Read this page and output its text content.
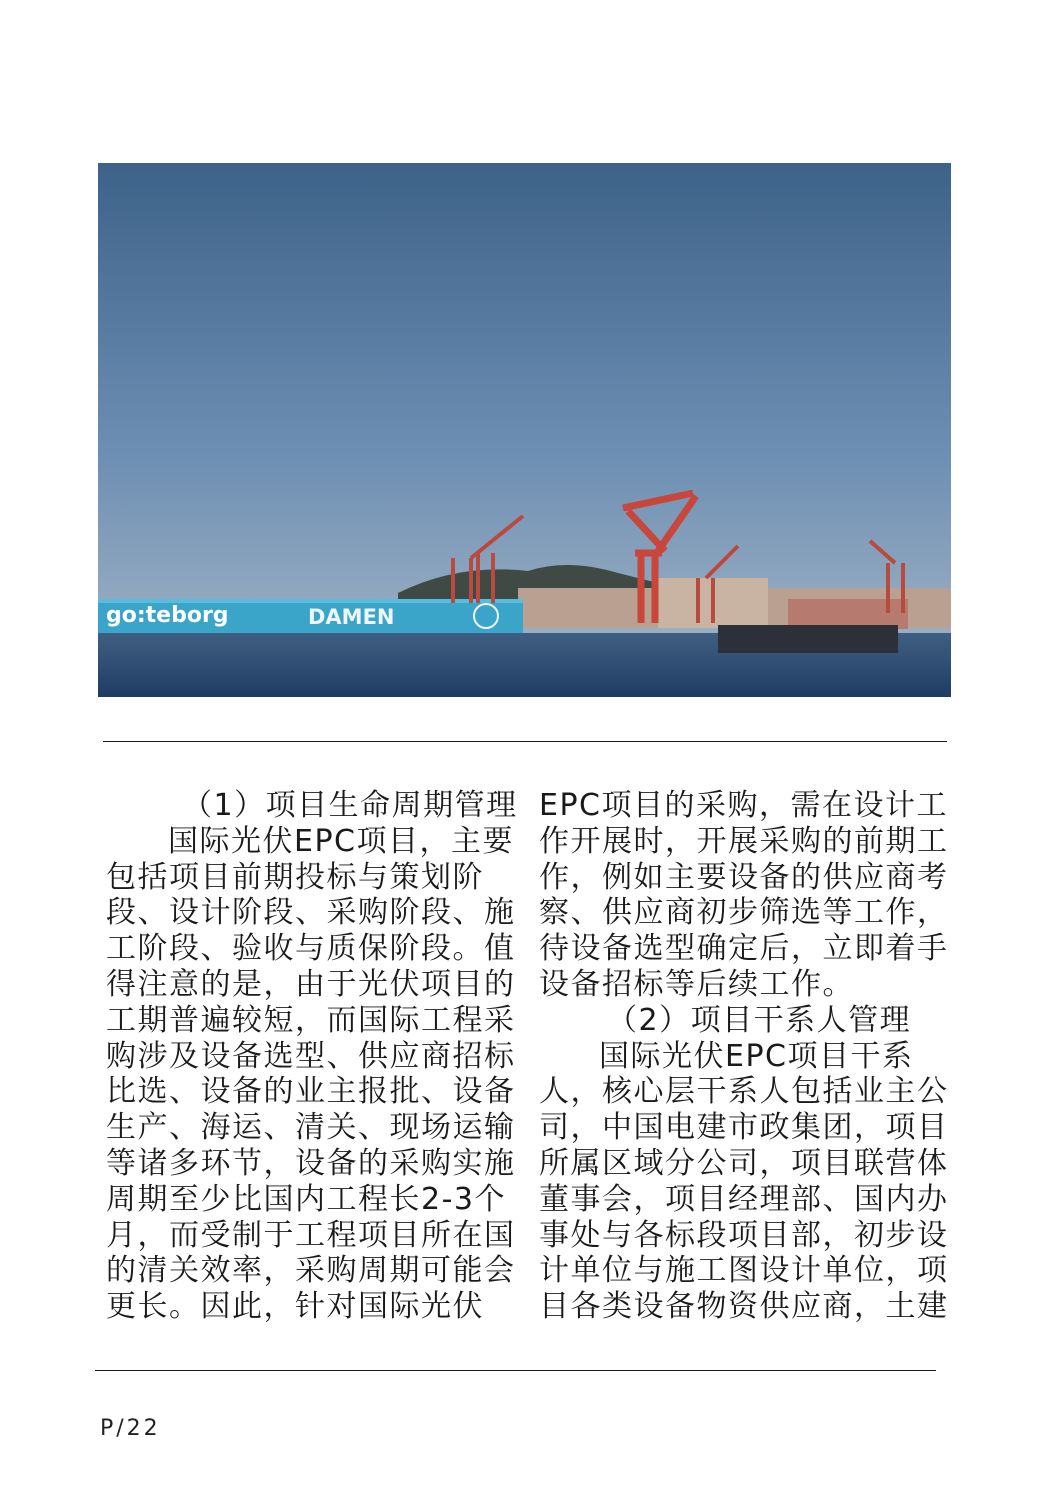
go:teborg	DAMEN
（1）项目生命周期管理
国际光伏EPC项目，主要
包括项目前期投标与策划阶
段、设计阶段、采购阶段、施
工阶段、验收与质保阶段。值
得注意的是，由于光伏项目的
工期普遍较短，而国际工程采
购涉及设备选型、供应商招标
比选、设备的业主报批、设备
生产、海运、清关、现场运输
等诸多环节，设备的采购实施
周期至少比国内工程长2-3个
月，而受制于工程项目所在国
的清关效率，采购周期可能会
更长。因此，针对国际光伏
EPC项目的采购，需在设计工
作开展时，开展采购的前期工
作，例如主要设备的供应商考
察、供应商初步筛选等工作，
待设备选型确定后，立即着手
设备招标等后续工作。
（2）项目干系人管理
国际光伏EPC项目干系
人，核心层干系人包括业主公
司，中国电建市政集团，项目
所属区域分公司，项目联营体
董事会，项目经理部、国内办
事处与各标段项目部，初步设
计单位与施工图设计单位，项
目各类设备物资供应商，土建
P/22
